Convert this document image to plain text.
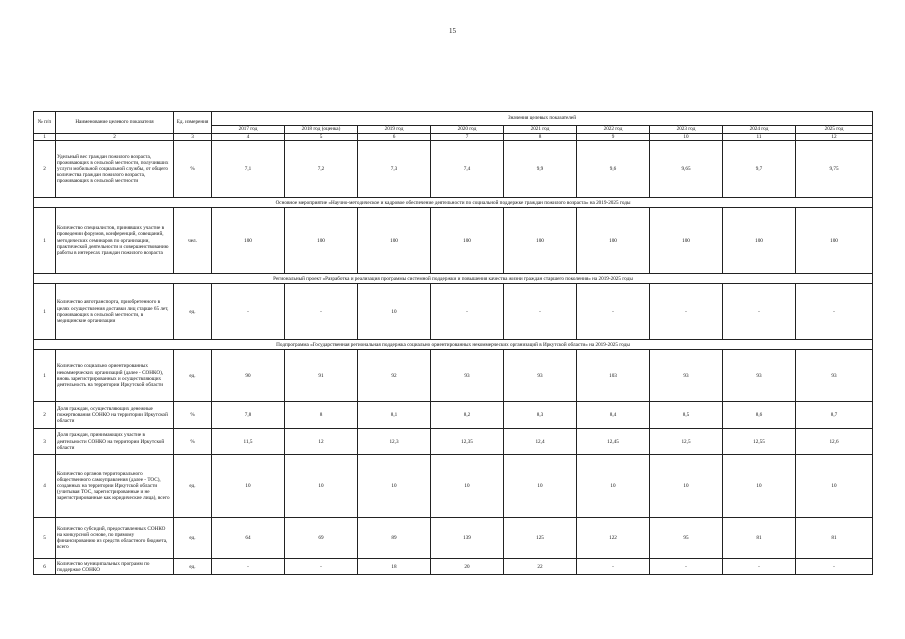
15
№ п/п	Наименование целевого показателя	Ед. измерения	Значения целевых показателей								
			2017 год	2018 год (оценка)	2019 год	2020 год	2021 год	2022 год	2023 год	2024 год	2025 год
1	2	3	4	5	6	7	8	9	10	11	12
2	Удельный вес граждан пожилого возраста, проживающих в сельской местности, получивших услуги мобильной социальной службы, от общего количества граждан пожилого возраста, проживающих в сельской местности	%	7,1	7,2	7,3	7,4	9,9	9,6	9,65	9,7	9,75
Основное мероприятие «Научно-методическое и кадровое обеспечение деятельности по социальной поддержке граждан пожилого возраста» на 2019-2025 годы											
1	Количество специалистов, принявших участие в проведении форумов, конференций, совещаний, методических семинаров по организации, практической деятельности и совершенствованию работы в интересах граждан пожилого возраста	чел.	100	100	100	100	100	100	100	100	100
Региональный проект «Разработка и реализация программы системной поддержки и повышения качества жизни граждан старшего поколения» на 2019-2025 годы											
1	Количество автотранспорта, приобретенного в целях осуществления доставки лиц старше 65 лет, проживающих в сельской местности, в медицинские организации	ед.	-	-	10	-	-	-	-	-	-
Подпрограмма «Государственная региональная поддержка социально ориентированных некоммерческих организаций в Иркутской области» на 2019-2025 годы											
1	Количество социально ориентированных некоммерческих организаций (далее - СОНКО), вновь зарегистрированных и осуществляющих деятельность на территории Иркутской области	ед.	90	91	92	93	93	103	93	93	93
2	Доля граждан, осуществляющих денежные пожертвования СОНКО на территории Иркутской области	%	7,8	8	8,1	8,2	8,3	8,4	8,5	8,6	8,7
3	Доля граждан, принимающих участие в деятельности СОНКО на территории Иркутской области	%	11,5	12	12,3	12,35	12,4	12,45	12,5	12,55	12,6
4	Количество органов территориального общественного самоуправления (далее - ТОС), созданных на территории Иркутской области (учитывая ТОС, зарегистрированные и не зарегистрированные как юридические лица), всего	ед.	10	10	10	10	10	10	10	10	10
5	Количество субсидий, предоставленных СОНКО на конкурсной основе, по прямому финансированию из средств областного бюджета, всего	ед.	64	69	89	139	125	122	95	81	81
6	Количество муниципальных программ по поддержке СОНКО	ед.	-	-	18	20	22	-	-	-	-
